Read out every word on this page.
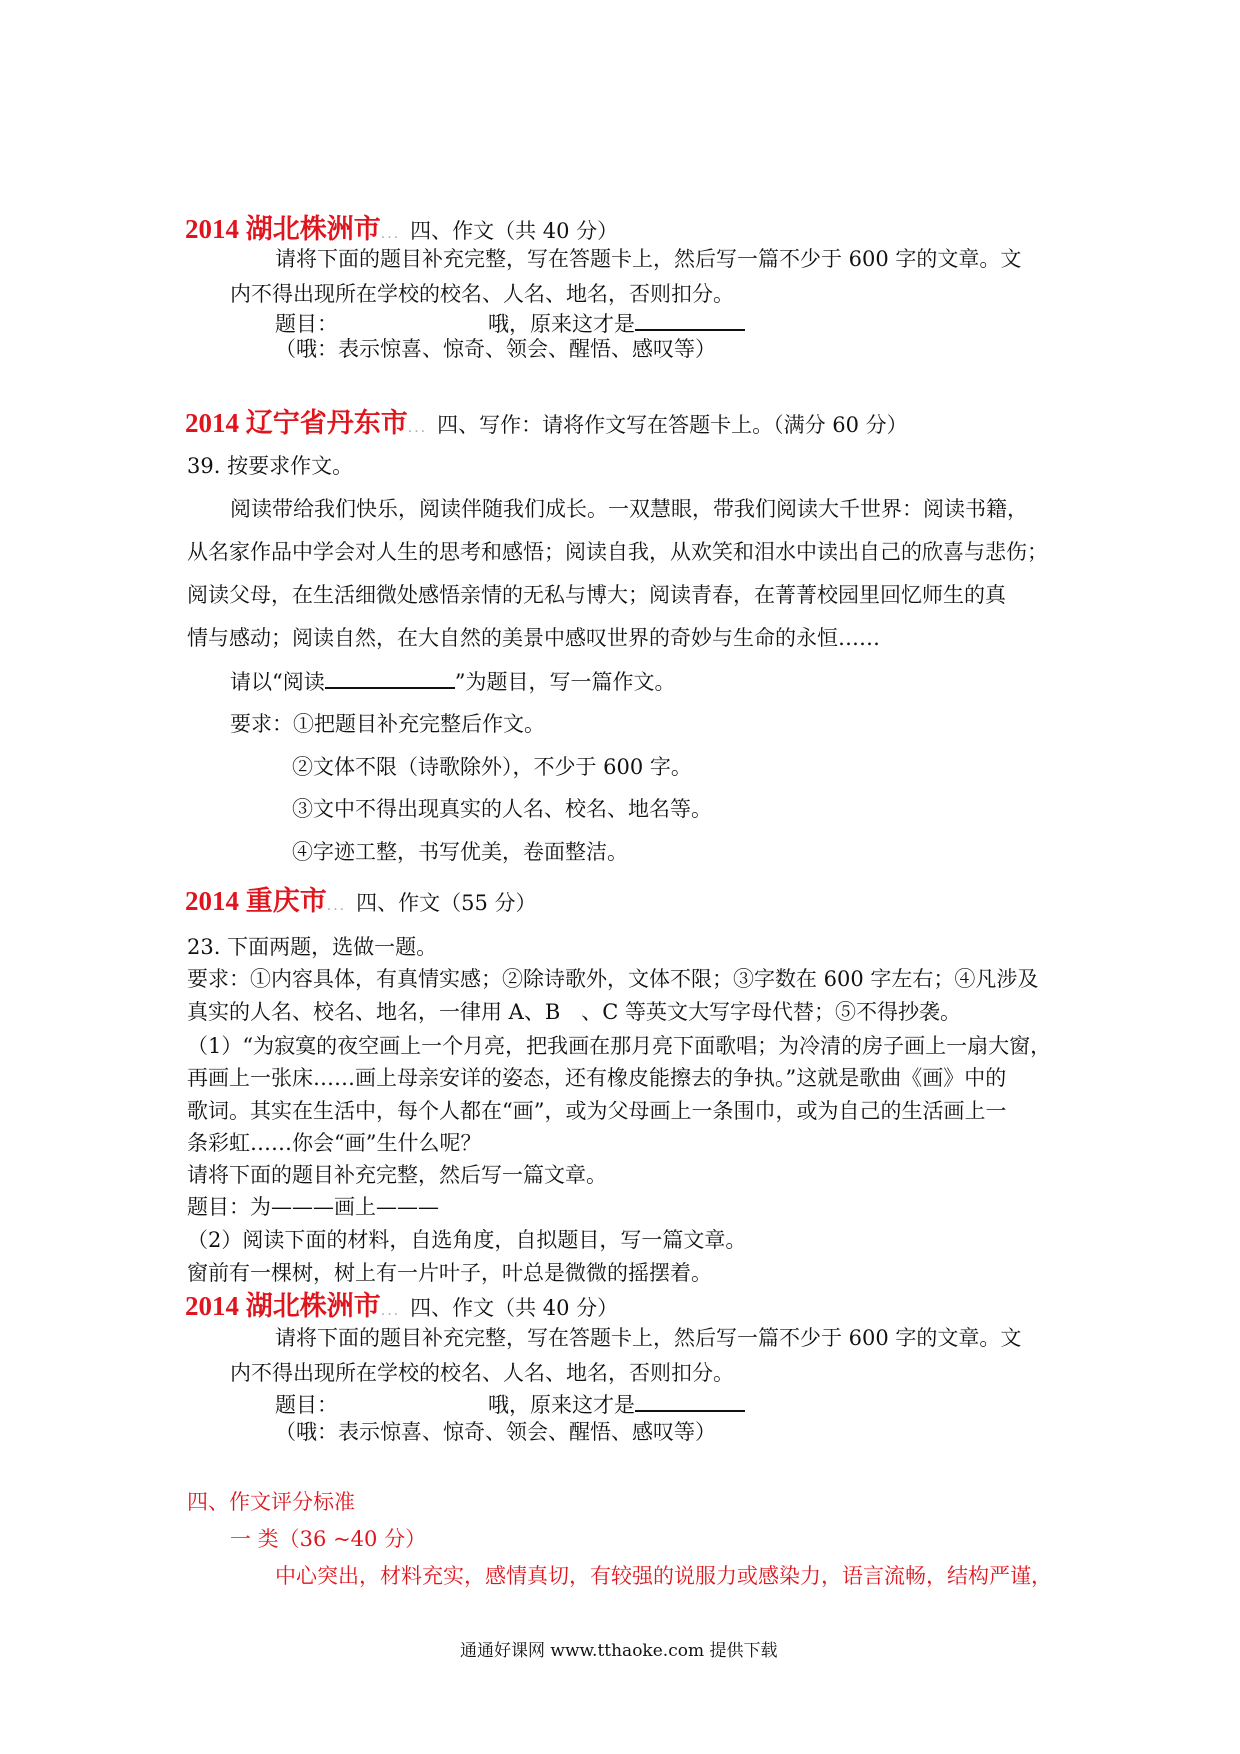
2014 湖北株洲市... 四、作文（共 40 分）
请将下面的题目补充完整，写在答题卡上，然后写一篇不少于 600 字的文章。文
内不得出现所在学校的校名、人名、地名，否则扣分。
题目：	哦，原来这才是
（哦：表示惊喜、惊奇、领会、醒悟、感叹等）
2014 辽宁省丹东市... 四、写作：请将作文写在答题卡上。（满分 60 分）
39. 按要求作文。
阅读带给我们快乐，阅读伴随我们成长。一双慧眼，带我们阅读大千世界：阅读书籍，
从名家作品中学会对人生的思考和感悟；阅读自我，从欢笑和泪水中读出自己的欣喜与悲伤；
阅读父母，在生活细微处感悟亲情的无私与博大；阅读青春，在菁菁校园里回忆师生的真
情与感动；阅读自然，在大自然的美景中感叹世界的奇妙与生命的永恒……
请以“阅读	”为题目，写一篇作文。
要求：①把题目补充完整后作文。
②文体不限（诗歌除外），不少于 600 字。
③文中不得出现真实的人名、校名、地名等。
④字迹工整，书写优美，卷面整洁。
2014 重庆市... 四、作文（55 分）
23. 下面两题，选做一题。
要求：①内容具体，有真情实感；②除诗歌外，文体不限；③字数在 600 字左右；④凡涉及
真实的人名、校名、地名，一律用 A、B　、C 等英文大写字母代替；⑤不得抄袭。
（1）“为寂寞的夜空画上一个月亮，把我画在那月亮下面歌唱；为冷清的房子画上一扇大窗，
再画上一张床……画上母亲安详的姿态，还有橡皮能擦去的争执。”这就是歌曲《画》中的
歌词。其实在生活中，每个人都在“画”，或为父母画上一条围巾，或为自己的生活画上一
条彩虹……你会“画”生什么呢？
请将下面的题目补充完整，然后写一篇文章。
题目：为———画上———
（2）阅读下面的材料，自选角度，自拟题目，写一篇文章。
窗前有一棵树，树上有一片叶子，叶总是微微的摇摆着。
2014 湖北株洲市... 四、作文（共 40 分）
请将下面的题目补充完整，写在答题卡上，然后写一篇不少于 600 字的文章。文
内不得出现所在学校的校名、人名、地名，否则扣分。
题目：	哦，原来这才是
（哦：表示惊喜、惊奇、领会、醒悟、感叹等）
四、作文评分标准
一 类（36 ~40 分）
中心突出，材料充实，感情真切，有较强的说服力或感染力，语言流畅，结构严谨，
通通好课网 www.tthaoke.com 提供下载
